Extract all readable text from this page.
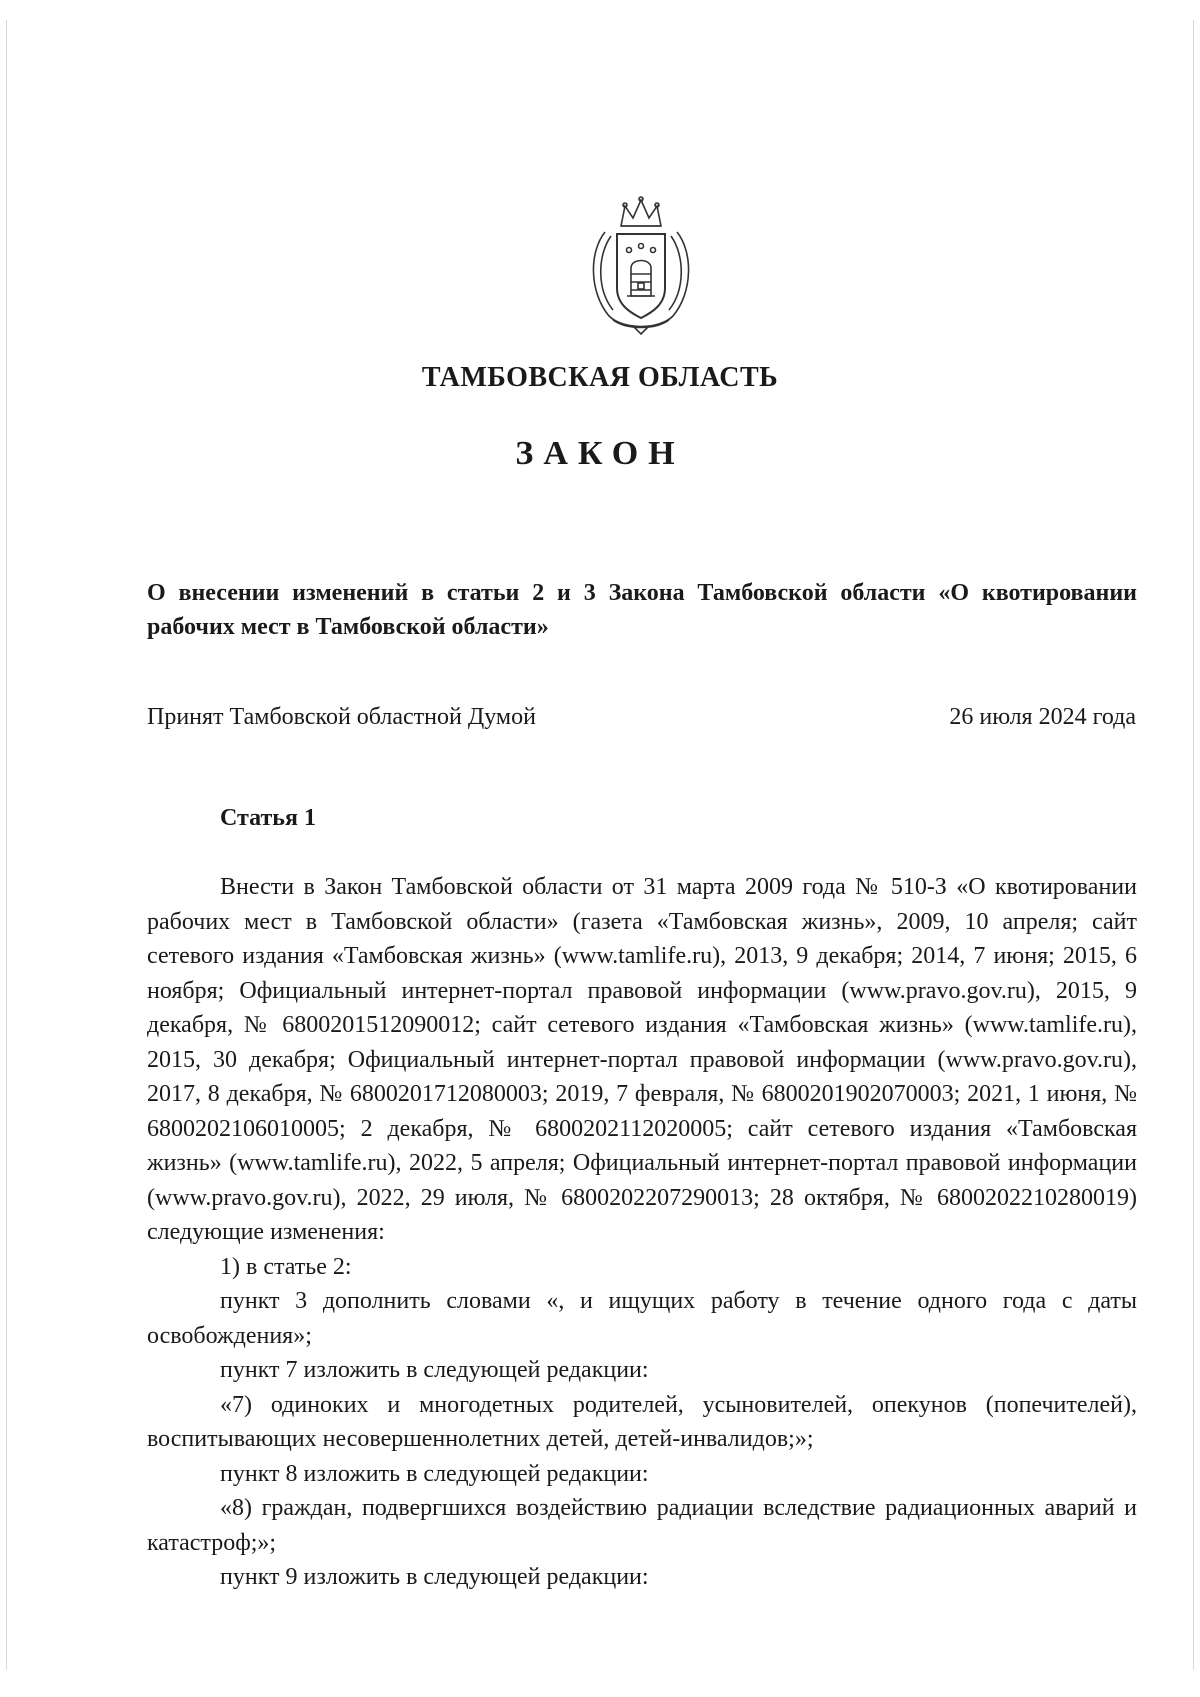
ТАМБОВСКАЯ ОБЛАСТЬ
ЗАКОН
О внесении изменений в статьи 2 и 3 Закона Тамбовской области «О квотировании рабочих мест в Тамбовской области»
Принят Тамбовской областной Думой	26 июля 2024 года
Статья 1

Внести в Закон Тамбовской области от 31 марта 2009 года № 510-З «О квотировании рабочих мест в Тамбовской области» (газета «Тамбовская жизнь», 2009, 10 апреля; сайт сетевого издания «Тамбовская жизнь» (www.tamlife.ru), 2013, 9 декабря; 2014, 7 июня; 2015, 6 ноября; Официальный интернет-портал правовой информации (www.pravo.gov.ru), 2015, 9 декабря, № 6800201512090012; сайт сетевого издания «Тамбовская жизнь» (www.tamlife.ru), 2015, 30 декабря; Официальный интернет-портал правовой информации (www.pravo.gov.ru), 2017, 8 декабря, № 6800201712080003; 2019, 7 февраля, № 6800201902070003; 2021, 1 июня, № 6800202106010005; 2 декабря, № 6800202112020005; сайт сетевого издания «Тамбовская жизнь» (www.tamlife.ru), 2022, 5 апреля; Официальный интернет-портал правовой информации (www.pravo.gov.ru), 2022, 29 июля, № 6800202207290013; 28 октября, № 6800202210280019) следующие изменения:

1) в статье 2:

пункт 3 дополнить словами «, и ищущих работу в течение одного года с даты освобождения»;

пункт 7 изложить в следующей редакции:

«7) одиноких и многодетных родителей, усыновителей, опекунов (попечителей), воспитывающих несовершеннолетних детей, детей-инвалидов;»;

пункт 8 изложить в следующей редакции:

«8) граждан, подвергшихся воздействию радиации вследствие радиационных аварий и катастроф;»;

пункт 9 изложить в следующей редакции:
